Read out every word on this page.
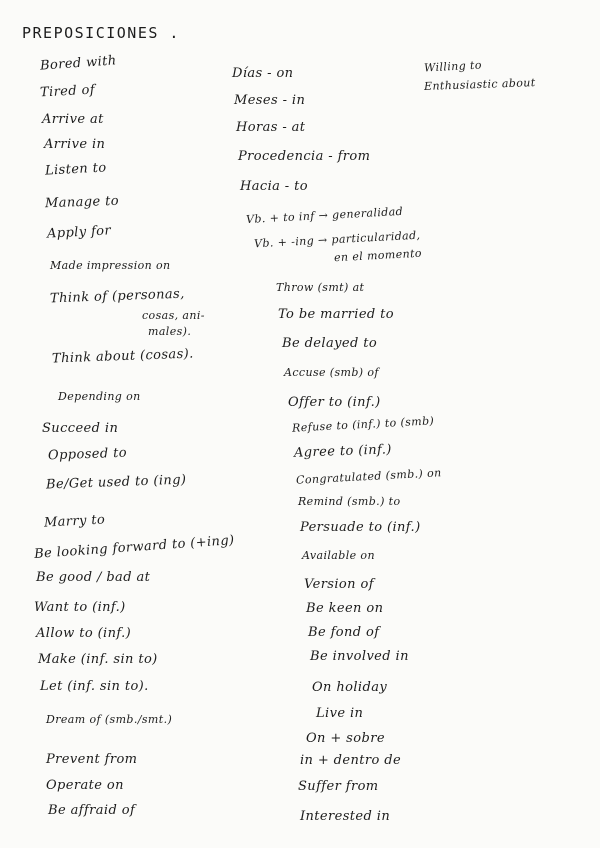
PREPOSICIONES .
Bored with
Tired of
Arrive at
Arrive in
Listen to
Manage to
Apply for
Made impression on
Think of (personas,
cosas, ani-
males).
Think about (cosas).
Depending on
Succeed in
Opposed to
Be/Get used to (ing)
Marry to
Be looking forward to (+ing)
Be good / bad at
Want to (inf.)
Allow to (inf.)
Make (inf. sin to)
Let (inf. sin to).
Dream of (smb./smt.)
Prevent from
Operate on
Be affraid of
Willing to
Enthusiastic about
Días - on
Meses - in
Horas - at
Procedencia - from
Hacia - to
Vb. + to inf → generalidad
Vb. + -ing → particularidad,
en el momento
Throw (smt) at
To be married to
Be delayed to
Accuse (smb) of
Offer to (inf.)
Refuse to (inf.) to (smb)
Agree to (inf.)
Congratulated (smb.) on
Remind (smb.) to
Persuade to (inf.)
Available on
Version of
Be keen on
Be fond of
Be involved in
On holiday
Live in
On + sobre
in + dentro de
Suffer from
Interested in
